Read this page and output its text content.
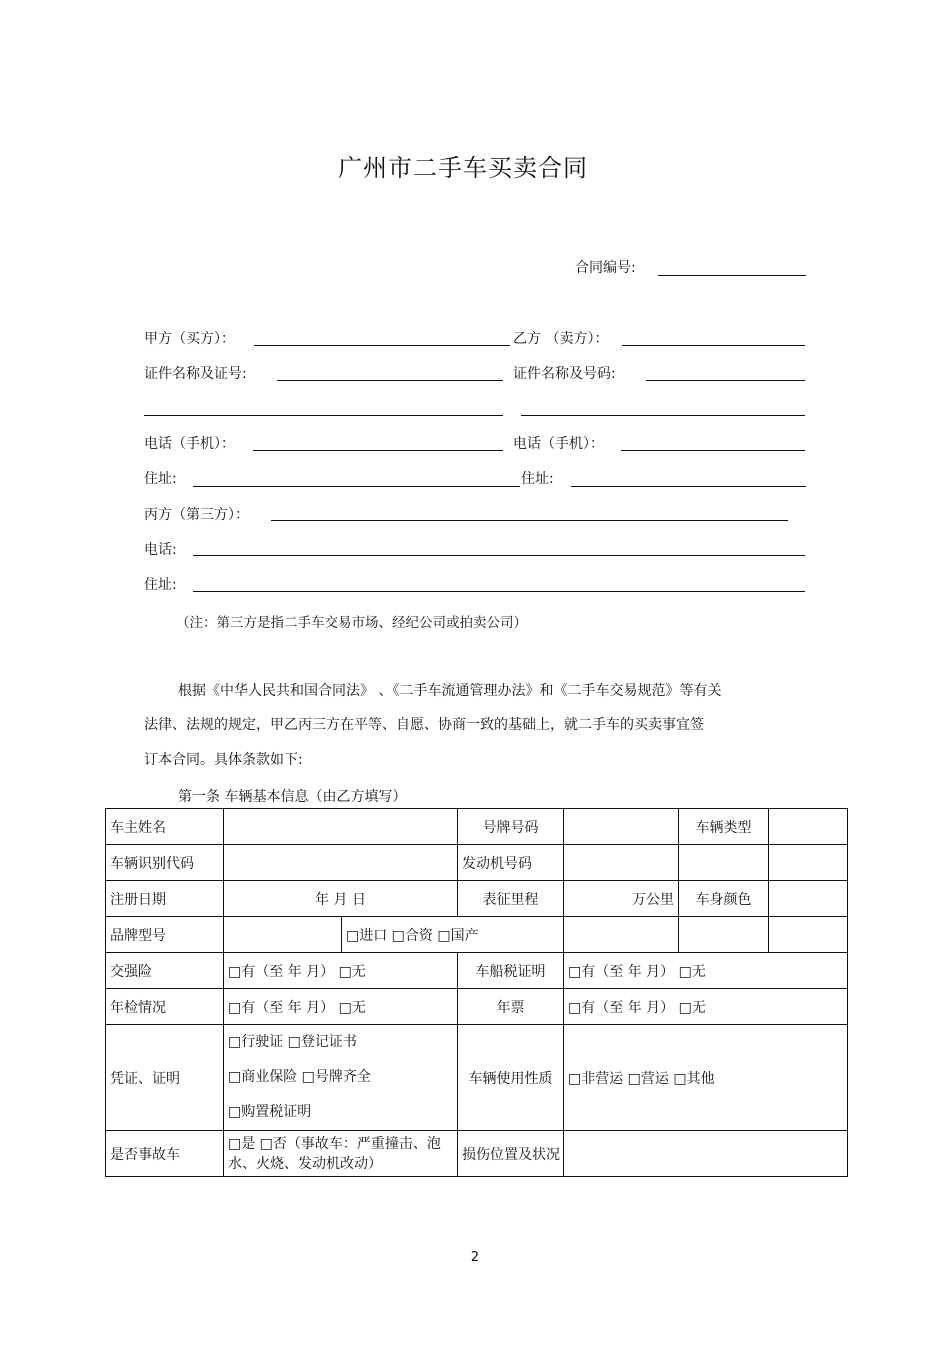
广州市二手车买卖合同
合同编号:
甲方（买方）：	乙方 （卖方）：
证件名称及证号:	证件名称及号码:
电话（手机）：	电话（手机）：
住址:	住址:
丙方（第三方）：
电话:
住址:
（注：第三方是指二手车交易市场、经纪公司或拍卖公司）
根据《中华人民共和国合同法》 、《二手车流通管理办法》和《二手车交易规范》等有关
法律、法规的规定，甲乙丙三方在平等、自愿、协商一致的基础上，就二手车的买卖事宜签
订本合同。具体条款如下:
第一条 车辆基本信息（由乙方填写）
车主姓名			号牌号码		车辆类型	
车辆识别代码			发动机号码			
注册日期	年 月 日		表征里程	万公里	车身颜色	
品牌型号		□进口 □合资 □国产				
交强险	□有（至 年 月） □无		车船税证明	□有（至 年 月） □无		
年检情况	□有（至 年 月） □无		年票	□有（至 年 月） □无		
凭证、证明	□行驶证 □登记证书
□商业保险 □号牌齐全
□购置税证明		车辆使用性质	□非营运 □营运 □其他		
是否事故车	□是 □否（事故车：严重撞击、泡水、火烧、发动机改动）		损伤位置及状况			
2
